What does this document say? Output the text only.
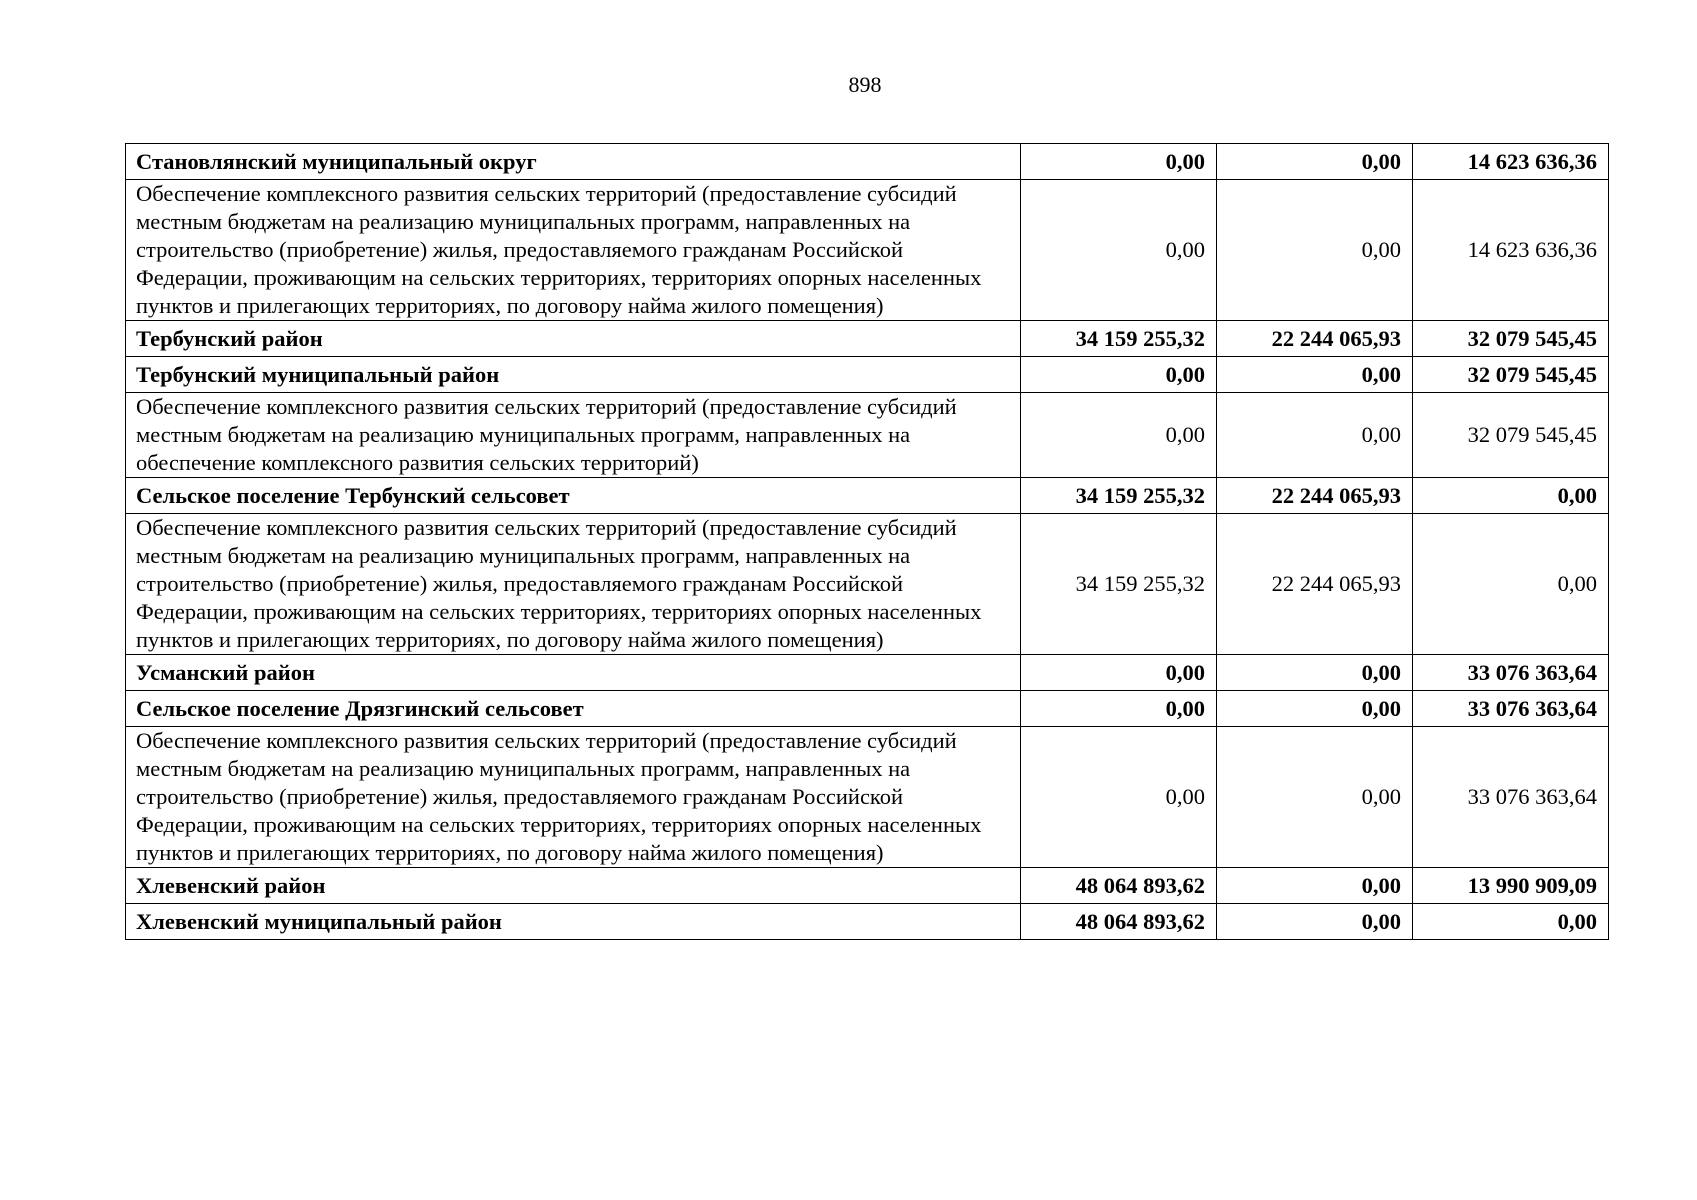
898
Становлянский муниципальный округ	0,00	0,00	14 623 636,36
Обеспечение комплексного развития сельских территорий (предоставление субсидий местным бюджетам на реализацию муниципальных программ, направленных на строительство (приобретение) жилья, предоставляемого гражданам Российской Федерации, проживающим на сельских территориях, территориях опорных населенных пунктов и прилегающих территориях, по договору найма жилого помещения)	0,00	0,00	14 623 636,36
Тербунский район	34 159 255,32	22 244 065,93	32 079 545,45
Тербунский муниципальный район	0,00	0,00	32 079 545,45
Обеспечение комплексного развития сельских территорий (предоставление субсидий местным бюджетам на реализацию муниципальных программ, направленных на обеспечение комплексного развития сельских территорий)	0,00	0,00	32 079 545,45
Сельское поселение Тербунский сельсовет	34 159 255,32	22 244 065,93	0,00
Обеспечение комплексного развития сельских территорий (предоставление субсидий местным бюджетам на реализацию муниципальных программ, направленных на строительство (приобретение) жилья, предоставляемого гражданам Российской Федерации, проживающим на сельских территориях, территориях опорных населенных пунктов и прилегающих территориях, по договору найма жилого помещения)	34 159 255,32	22 244 065,93	0,00
Усманский район	0,00	0,00	33 076 363,64
Сельское поселение Дрязгинский сельсовет	0,00	0,00	33 076 363,64
Обеспечение комплексного развития сельских территорий (предоставление субсидий местным бюджетам на реализацию муниципальных программ, направленных на строительство (приобретение) жилья, предоставляемого гражданам Российской Федерации, проживающим на сельских территориях, территориях опорных населенных пунктов и прилегающих территориях, по договору найма жилого помещения)	0,00	0,00	33 076 363,64
Хлевенский район	48 064 893,62	0,00	13 990 909,09
Хлевенский муниципальный район	48 064 893,62	0,00	0,00
